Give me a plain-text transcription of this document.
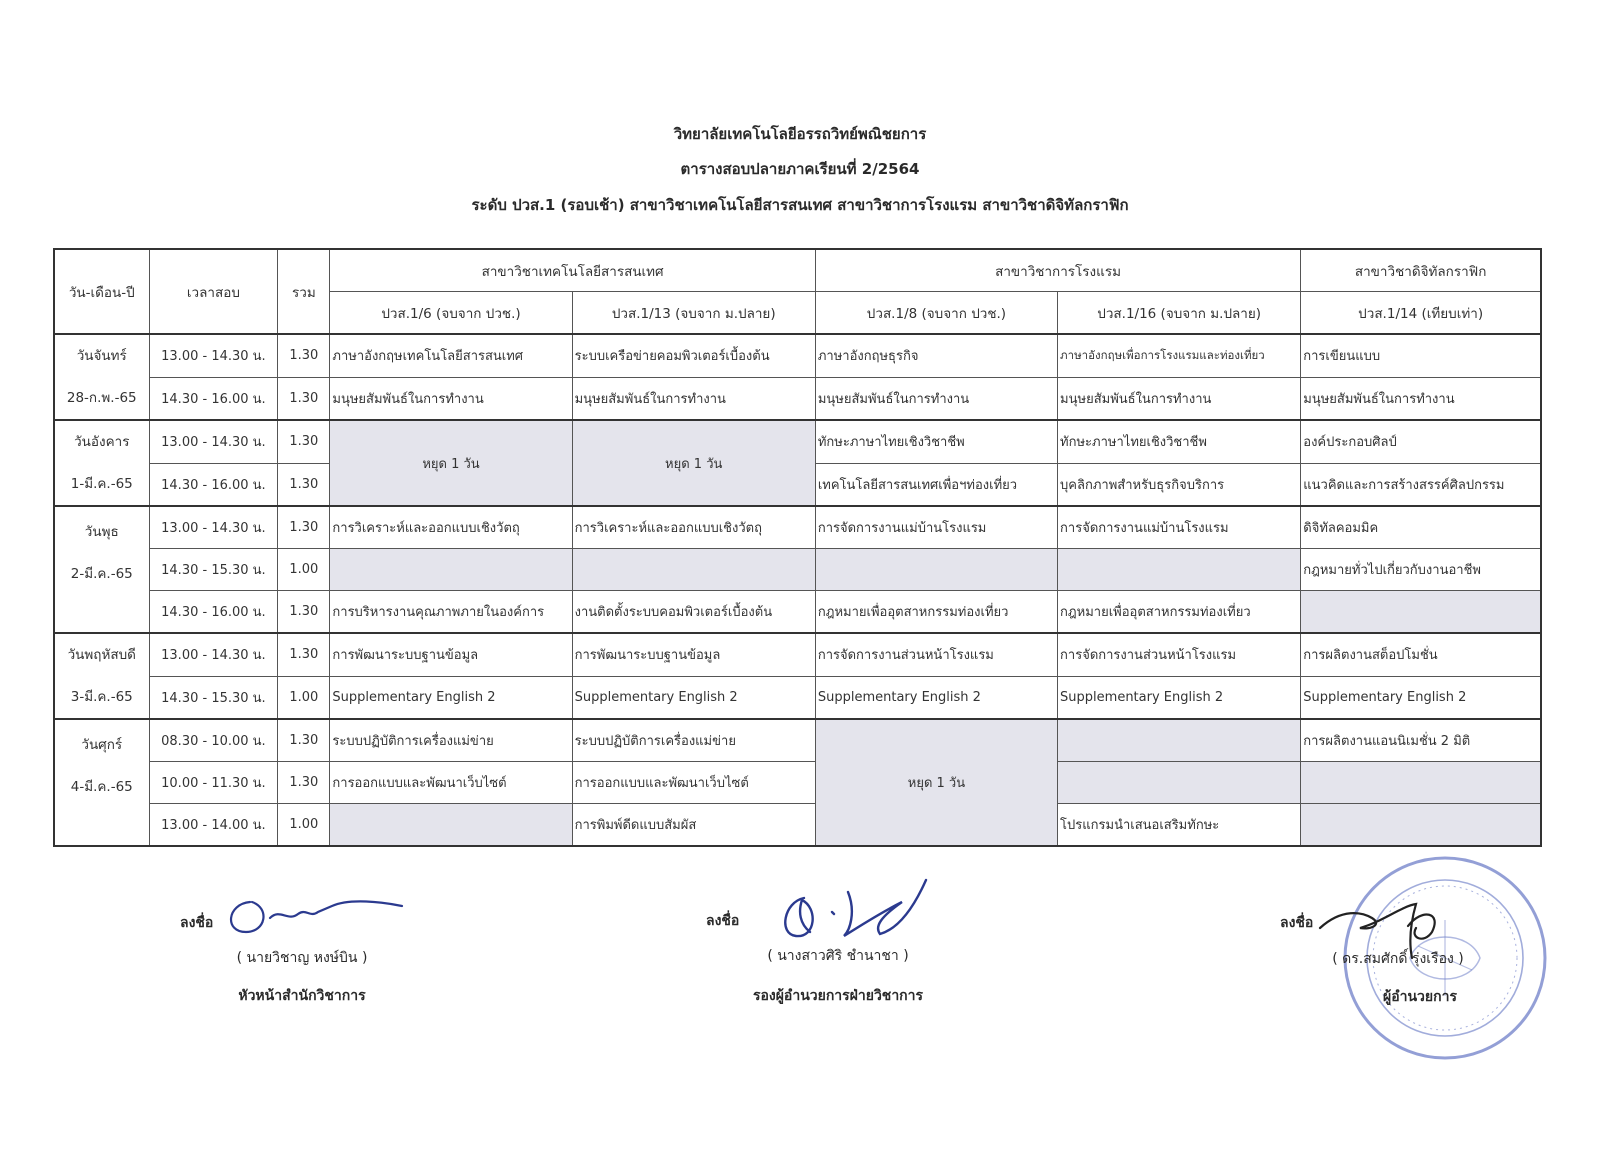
วิทยาลัยเทคโนโลยีอรรถวิทย์พณิชยการ
ตารางสอบปลายภาคเรียนที่ 2/2564
ระดับ ปวส.1 (รอบเช้า) สาขาวิชาเทคโนโลยีสารสนเทศ สาขาวิชาการโรงแรม สาขาวิชาดิจิทัลกราฟิก
วัน-เดือน-ปี	เวลาสอบ	รวม	สาขาวิชาเทคโนโลยีสารสนเทศ		สาขาวิชาการโรงแรม		สาขาวิชาดิจิทัลกราฟิก
			ปวส.1/6 (จบจาก ปวช.)	ปวส.1/13 (จบจาก ม.ปลาย)	ปวส.1/8 (จบจาก ปวช.)	ปวส.1/16 (จบจาก ม.ปลาย)	ปวส.1/14 (เทียบเท่า)

วันจันทร์
28-ก.พ.-65	13.00 - 14.30 น.	1.30	ภาษาอังกฤษเทคโนโลยีสารสนเทศ	ระบบเครือข่ายคอมพิวเตอร์เบื้องต้น	ภาษาอังกฤษธุรกิจ	ภาษาอังกฤษเพื่อการโรงแรมและท่องเที่ยว	การเขียนแบบ
	14.30 - 16.00 น.	1.30	มนุษยสัมพันธ์ในการทำงาน	มนุษยสัมพันธ์ในการทำงาน	มนุษยสัมพันธ์ในการทำงาน	มนุษยสัมพันธ์ในการทำงาน	มนุษยสัมพันธ์ในการทำงาน

วันอังคาร
1-มี.ค.-65	13.00 - 14.30 น.	1.30	หยุด 1 วัน	หยุด 1 วัน	ทักษะภาษาไทยเชิงวิชาชีพ	ทักษะภาษาไทยเชิงวิชาชีพ	องค์ประกอบศิลป์
	14.30 - 16.00 น.	1.30			เทคโนโลยีสารสนเทศเพื่อฯท่องเที่ยว	บุคลิกภาพสำหรับธุรกิจบริการ	แนวคิดและการสร้างสรรค์ศิลปกรรม

วันพุธ
2-มี.ค.-65	13.00 - 14.30 น.	1.30	การวิเคราะห์และออกแบบเชิงวัตถุ	การวิเคราะห์และออกแบบเชิงวัตถุ	การจัดการงานแม่บ้านโรงแรม	การจัดการงานแม่บ้านโรงแรม	ดิจิทัลคอมมิค
	14.30 - 15.30 น.	1.00					กฎหมายทั่วไปเกี่ยวกับงานอาชีพ
	14.30 - 16.00 น.	1.30	การบริหารงานคุณภาพภายในองค์การ	งานติดตั้งระบบคอมพิวเตอร์เบื้องต้น	กฎหมายเพื่ออุตสาหกรรมท่องเที่ยว	กฎหมายเพื่ออุตสาหกรรมท่องเที่ยว	

วันพฤหัสบดี
3-มี.ค.-65	13.00 - 14.30 น.	1.30	การพัฒนาระบบฐานข้อมูล	การพัฒนาระบบฐานข้อมูล	การจัดการงานส่วนหน้าโรงแรม	การจัดการงานส่วนหน้าโรงแรม	การผลิตงานสต็อปโมชั่น
	14.30 - 15.30 น.	1.00	Supplementary English 2	Supplementary English 2	Supplementary English 2	Supplementary English 2	Supplementary English 2

วันศุกร์
4-มี.ค.-65	08.30 - 10.00 น.	1.30	ระบบปฏิบัติการเครื่องแม่ข่าย	ระบบปฏิบัติการเครื่องแม่ข่าย	หยุด 1 วัน		การผลิตงานแอนนิเมชั่น 2 มิติ
	10.00 - 11.30 น.	1.30	การออกแบบและพัฒนาเว็บไซต์	การออกแบบและพัฒนาเว็บไซต์			
	13.00 - 14.00 น.	1.00		การพิมพ์ดีดแบบสัมผัส		โปรแกรมนำเสนอเสริมทักษะ	
ลงชื่อ
( นายวิชาญ หงษ์บิน )
หัวหน้าสำนักวิชาการ
ลงชื่อ
( นางสาวศิริ ชำนาชา )
รองผู้อำนวยการฝ่ายวิชาการ
ลงชื่อ
( ดร.สมศักดิ์ รุ่งเรือง )
ผู้อำนวยการ
